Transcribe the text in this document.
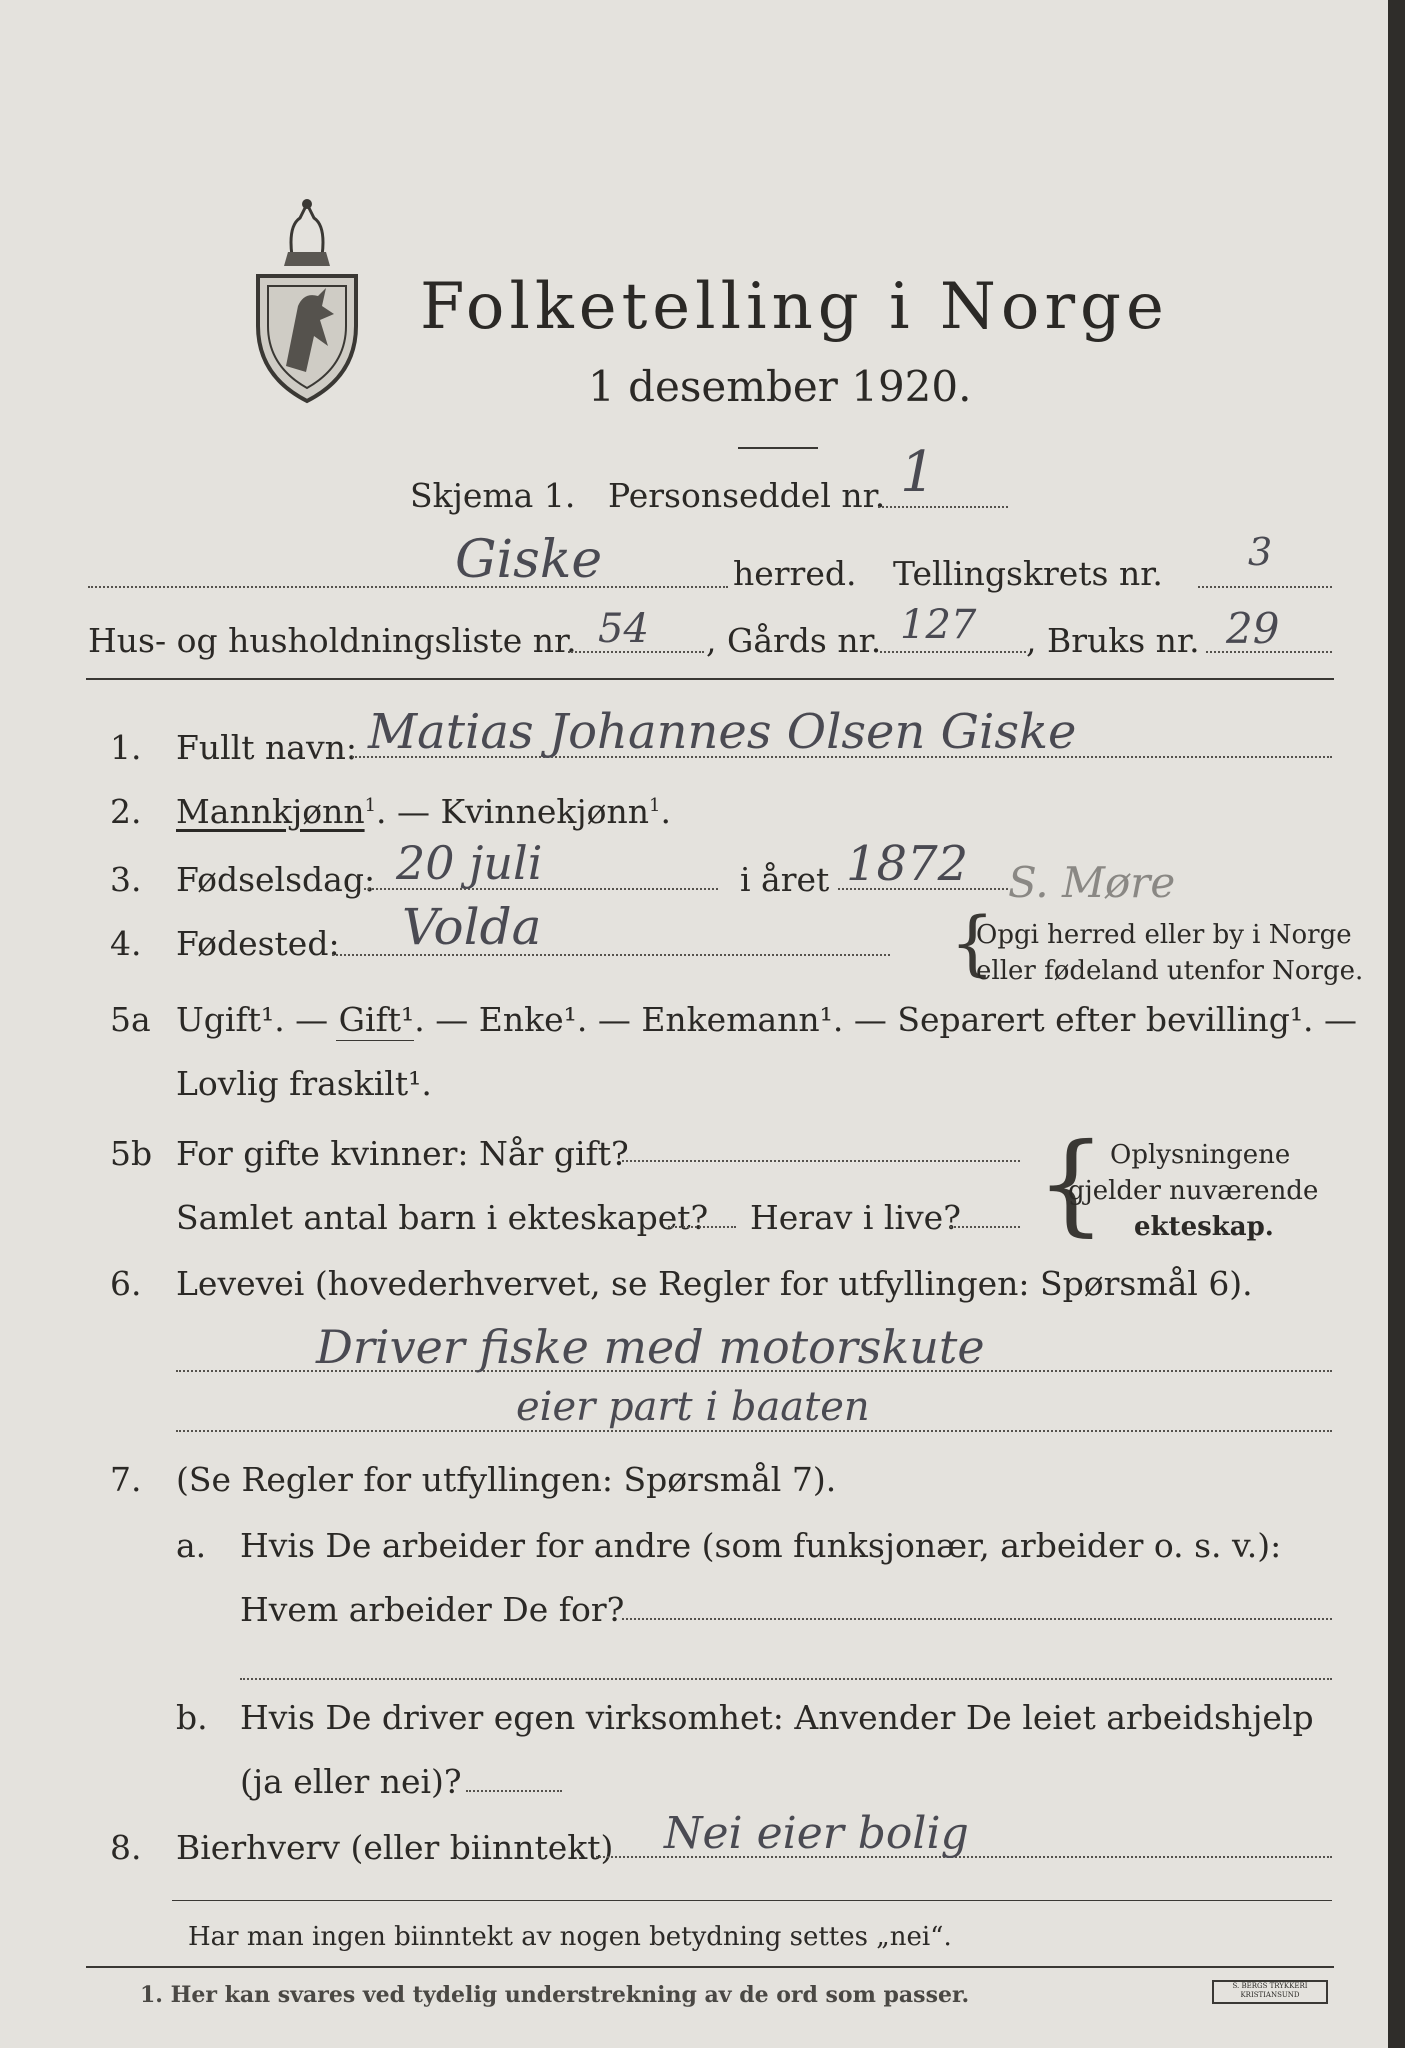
Folketelling i Norge
1 desember 1920.
Skjema 1. Personseddel nr. 1
Giske	herred. Tellingskrets nr. 3
Hus- og husholdningsliste nr. 54 , Gårds nr. 127 , Bruks nr. 29
1. Fullt navn: Matias Johannes Olsen Giske
2. Mannkjønn$^1$. — Kvinnekjønn$^1$.
3. Fødselsdag: 20 juli	i året 1872 S. Møre
4. Fødested: Volda	{
Opgi herred eller by i Norge
eller fødeland utenfor Norge.
5a Ugift¹. — Gift¹. — Enke¹. — Enkemann¹. — Separert efter bevilling¹. —
Lovlig fraskilt¹.
5b For gifte kvinner: Når gift?
Samlet antal barn i ekteskapet? Herav i live? { Oplysningene
gjelder nuværende
ekteskap.
6. Levevei (hovederhvervet, se Regler for utfyllingen: Spørsmål 6).
Driver fiske med motorskute
eier part i baaten
7. (Se Regler for utfyllingen: Spørsmål 7).
a. Hvis De arbeider for andre (som funksjonær, arbeider o. s. v.):
Hvem arbeider De for?
b. Hvis De driver egen virksomhet: Anvender De leiet arbeidshjelp
(ja eller nei)?
8. Bierhverv (eller biinntekt) Nei eier bolig
Har man ingen biinntekt av nogen betydning settes „nei“.
1. Her kan svares ved tydelig understrekning av de ord som passer.	S. BERGS TRYKKERI KRISTIANSUND
